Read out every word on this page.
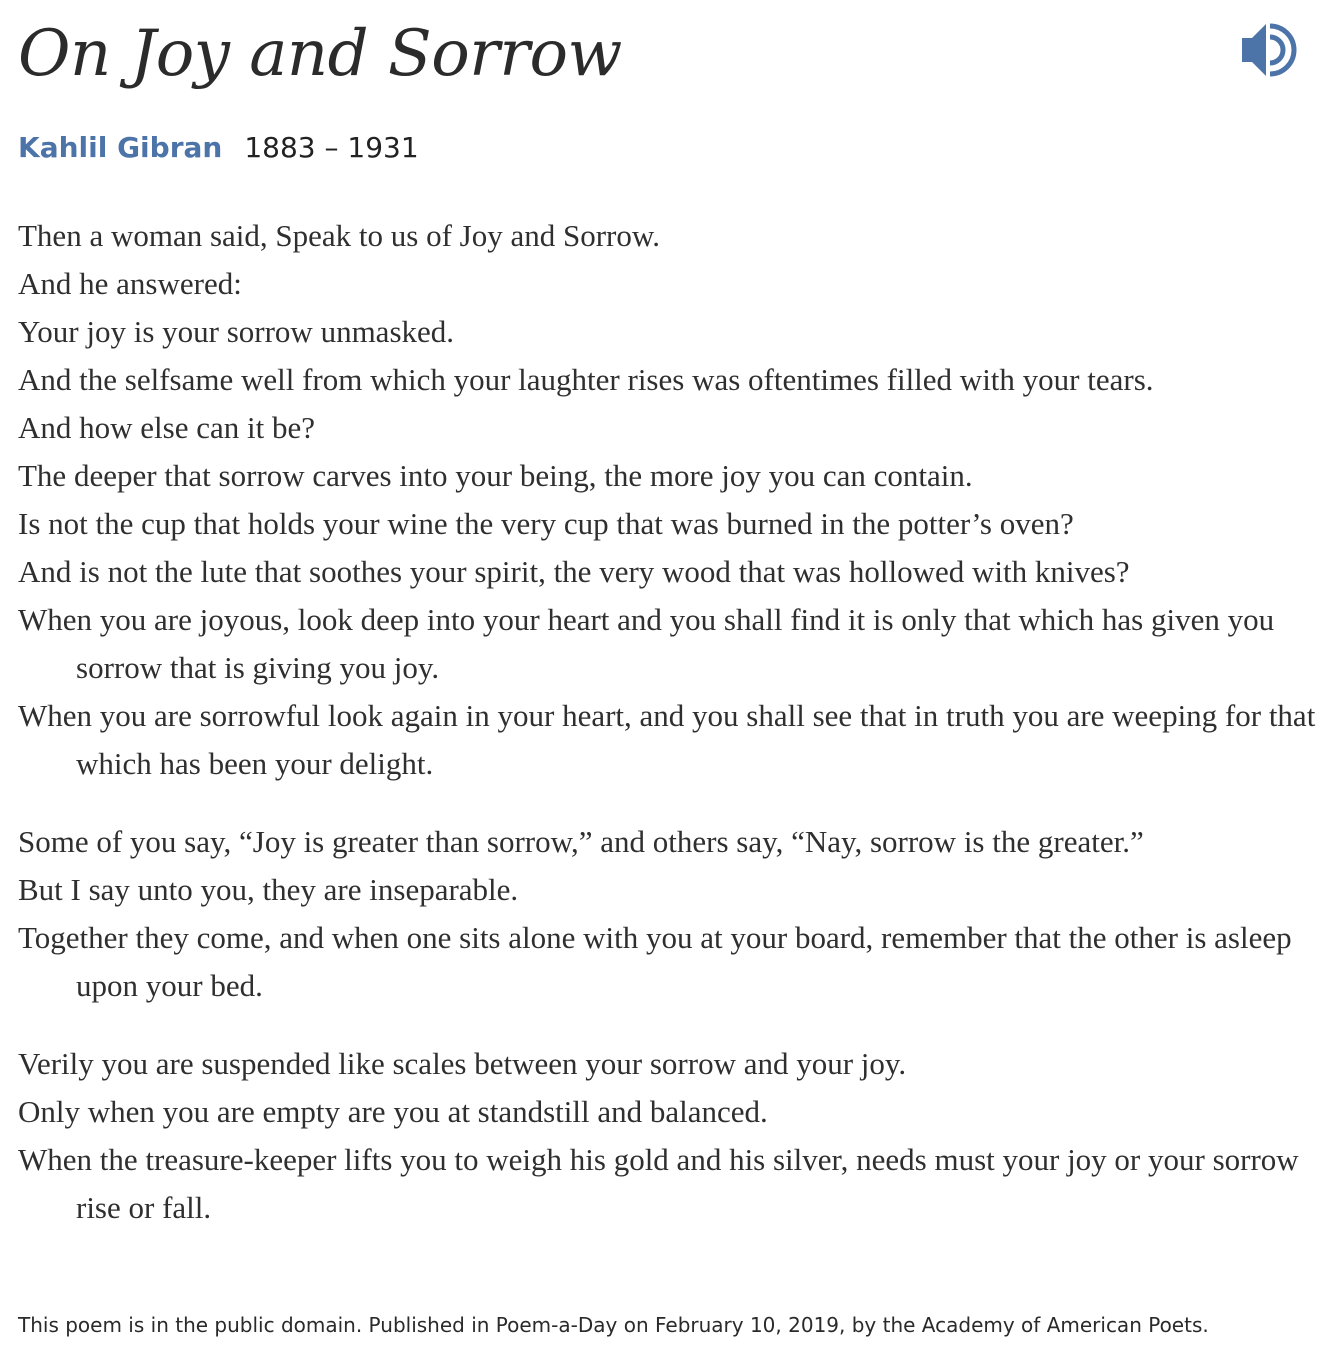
On Joy and Sorrow
Kahlil Gibran 1883 – 1931

Then a woman said, Speak to us of Joy and Sorrow.

And he answered:

Your joy is your sorrow unmasked.

And the selfsame well from which your laughter rises was oftentimes filled with your tears.

And how else can it be?

The deeper that sorrow carves into your being, the more joy you can contain.

Is not the cup that holds your wine the very cup that was burned in the potter’s oven?

And is not the lute that soothes your spirit, the very wood that was hollowed with knives?

When you are joyous, look deep into your heart and you shall find it is only that which has given you sorrow that is giving you joy.

When you are sorrowful look again in your heart, and you shall see that in truth you are weeping for that which has been your delight.

Some of you say, “Joy is greater than sorrow,” and others say, “Nay, sorrow is the greater.”

But I say unto you, they are inseparable.

Together they come, and when one sits alone with you at your board, remember that the other is asleep upon your bed.

Verily you are suspended like scales between your sorrow and your joy.

Only when you are empty are you at standstill and balanced.

When the treasure-keeper lifts you to weigh his gold and his silver, needs must your joy or your sorrow rise or fall.

This poem is in the public domain. Published in Poem-a-Day on February 10, 2019, by the Academy of American Poets.
